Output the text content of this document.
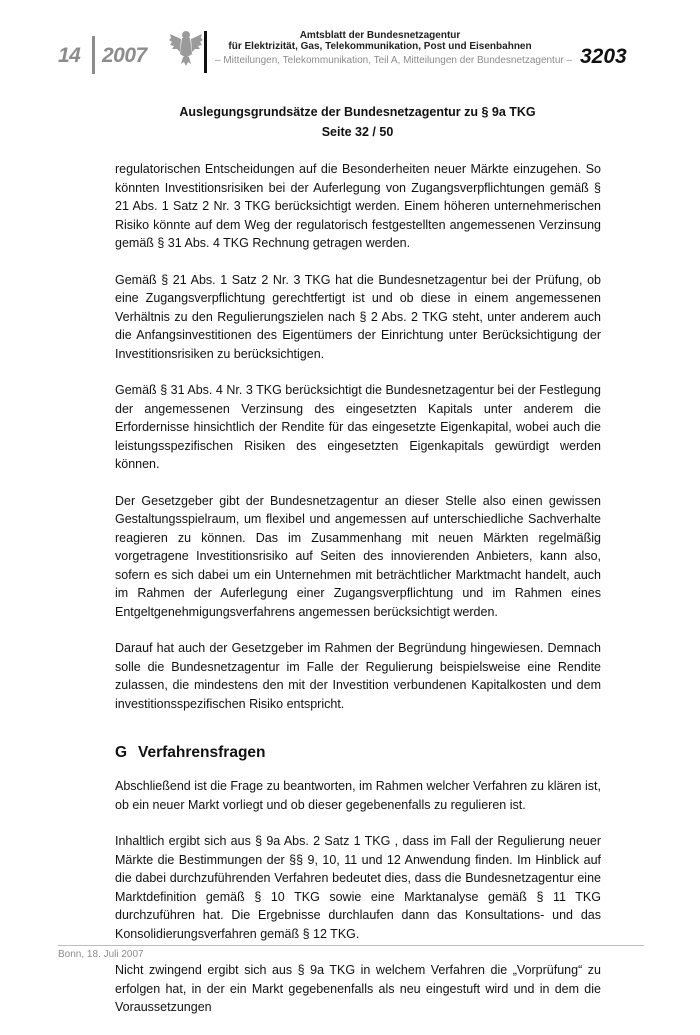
14 2007
Amtsblatt der Bundesnetzagentur
für Elektrizität, Gas, Telekommunikation, Post und Eisenbahnen
– Mitteilungen, Telekommunikation, Teil A, Mitteilungen der Bundesnetzagentur – 3203
Auslegungsgrundsätze der Bundesnetzagentur zu § 9a TKG
Seite 32 / 50

regulatorischen Entscheidungen auf die Besonderheiten neuer Märkte einzugehen. So könnten Investitionsrisiken bei der Auferlegung von Zugangsverpflichtungen gemäß § 21 Abs. 1 Satz 2 Nr. 3 TKG berücksichtigt werden. Einem höheren unternehmerischen Risiko könnte auf dem Weg der regulatorisch festgestellten angemessenen Verzinsung gemäß § 31 Abs. 4 TKG Rechnung getragen werden.

Gemäß § 21 Abs. 1 Satz 2 Nr. 3 TKG hat die Bundesnetzagentur bei der Prüfung, ob eine Zugangsverpflichtung gerechtfertigt ist und ob diese in einem angemessenen Verhältnis zu den Regulierungszielen nach § 2 Abs. 2 TKG steht, unter anderem auch die Anfangsinvestitionen des Eigentümers der Einrichtung unter Berücksichtigung der Investitionsrisiken zu berücksichtigen.

Gemäß § 31 Abs. 4 Nr. 3 TKG berücksichtigt die Bundesnetzagentur bei der Festlegung der angemessenen Verzinsung des eingesetzten Kapitals unter anderem die Erfordernisse hinsichtlich der Rendite für das eingesetzte Eigenkapital, wobei auch die leistungsspezifischen Risiken des eingesetzten Eigenkapitals gewürdigt werden können.

Der Gesetzgeber gibt der Bundesnetzagentur an dieser Stelle also einen gewissen Gestaltungsspielraum, um flexibel und angemessen auf unterschiedliche Sachverhalte reagieren zu können. Das im Zusammenhang mit neuen Märkten regelmäßig vorgetragene Investitionsrisiko auf Seiten des innovierenden Anbieters, kann also, sofern es sich dabei um ein Unternehmen mit beträchtlicher Marktmacht handelt, auch im Rahmen der Auferlegung einer Zugangsverpflichtung und im Rahmen eines Entgeltgenehmigungsverfahrens angemessen berücksichtigt werden.

Darauf hat auch der Gesetzgeber im Rahmen der Begründung hingewiesen. Demnach solle die Bundesnetzagentur im Falle der Regulierung beispielsweise eine Rendite zulassen, die mindestens den mit der Investition verbundenen Kapitalkosten und dem investitionsspezifischen Risiko entspricht.

G Verfahrensfragen

Abschließend ist die Frage zu beantworten, im Rahmen welcher Verfahren zu klären ist, ob ein neuer Markt vorliegt und ob dieser gegebenenfalls zu regulieren ist.

Inhaltlich ergibt sich aus § 9a Abs. 2 Satz 1 TKG , dass im Fall der Regulierung neuer Märkte die Bestimmungen der §§ 9, 10, 11 und 12 Anwendung finden. Im Hinblick auf die dabei durchzuführenden Verfahren bedeutet dies, dass die Bundesnetzagentur eine Marktdefinition gemäß § 10 TKG sowie eine Marktanalyse gemäß § 11 TKG durchzuführen hat. Die Ergebnisse durchlaufen dann das Konsultations- und das Konsolidierungsverfahren gemäß § 12 TKG.

Nicht zwingend ergibt sich aus § 9a TKG in welchem Verfahren die „Vorprüfung“ zu erfolgen hat, in der ein Markt gegebenenfalls als neu eingestuft wird und in dem die Voraussetzungen

Bonn, 18. Juli 2007
